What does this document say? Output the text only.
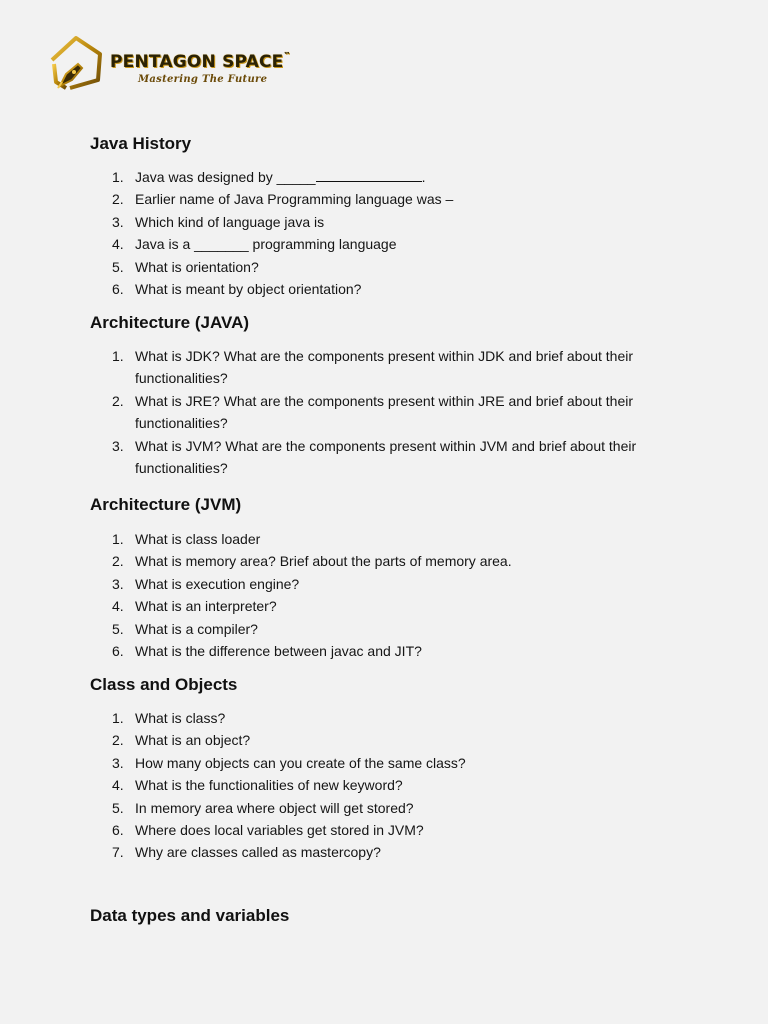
PENTAGON SPACE™
Mastering The Future
Java History
1. Java was designed by _____	.
2. Earlier name of Java Programming language was –
3. Which kind of language java is
4. Java is a _______ programming language
5. What is orientation?
6. What is meant by object orientation?
Architecture (JAVA)
1. What is JDK? What are the components present within JDK and brief about their functionalities?
2. What is JRE? What are the components present within JRE and brief about their functionalities?
3. What is JVM? What are the components present within JVM and brief about their functionalities?
Architecture (JVM)
1. What is class loader
2. What is memory area? Brief about the parts of memory area.
3. What is execution engine?
4. What is an interpreter?
5. What is a compiler?
6. What is the difference between javac and JIT?
Class and Objects
1. What is class?
2. What is an object?
3. How many objects can you create of the same class?
4. What is the functionalities of new keyword?
5. In memory area where object will get stored?
6. Where does local variables get stored in JVM?
7. Why are classes called as mastercopy?
Data types and variables
